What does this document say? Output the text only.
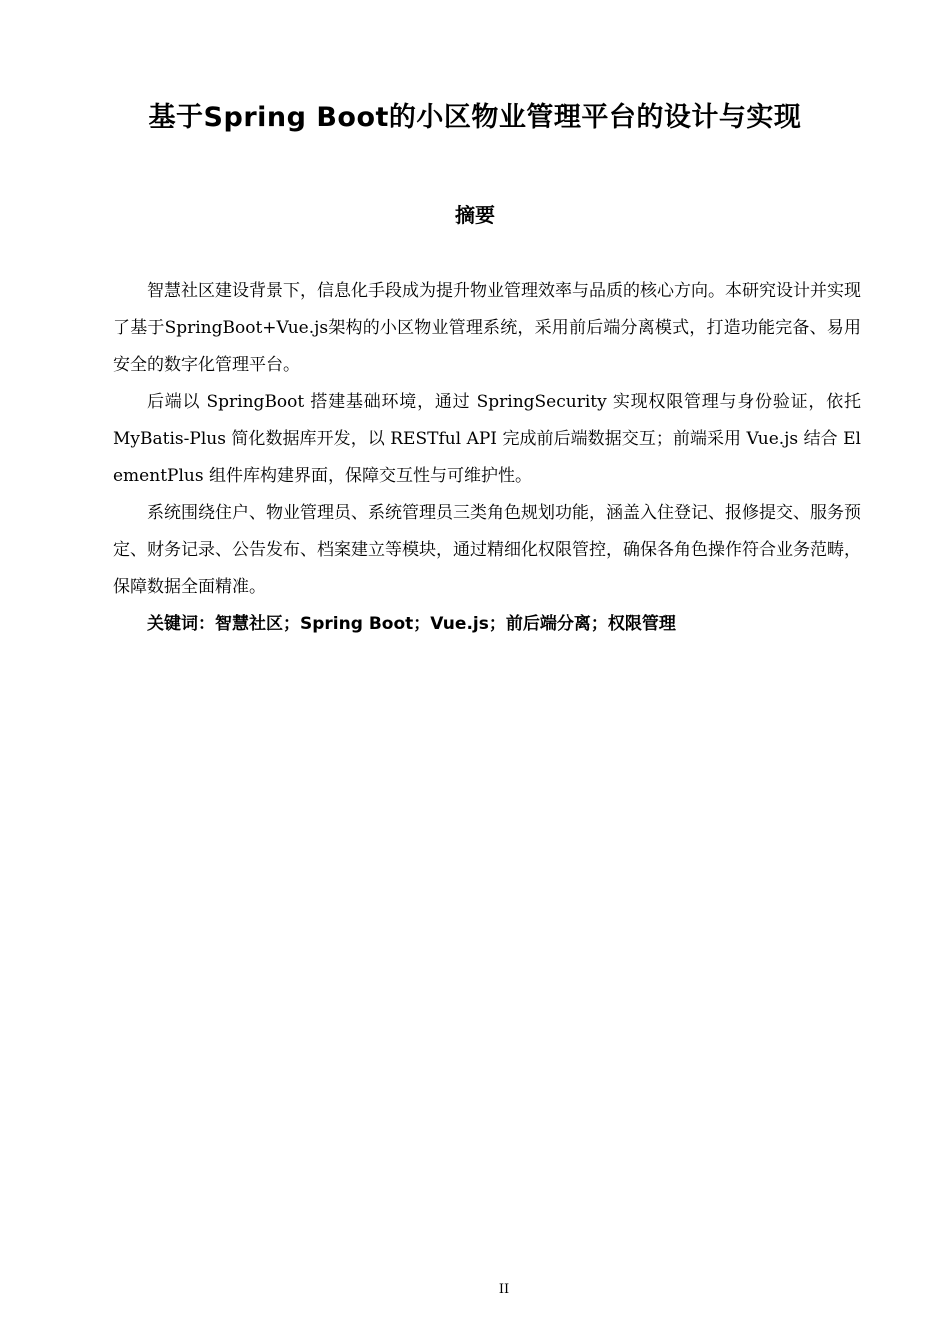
基于Spring Boot的小区物业管理平台的设计与实现
摘要

智慧社区建设背景下，信息化手段成为提升物业管理效率与品质的核心方向。本研究设计并实现了基于SpringBoot+Vue.js架构的小区物业管理系统，采用前后端分离模式，打造功能完备、易用安全的数字化管理平台。

后端以 SpringBoot 搭建基础环境，通过 SpringSecurity 实现权限管理与身份验证，依托 MyBatis-Plus 简化数据库开发，以 RESTful API 完成前后端数据交互；前端采用 Vue.js 结合 ElementPlus 组件库构建界面，保障交互性与可维护性。

系统围绕住户、物业管理员、系统管理员三类角色规划功能，涵盖入住登记、报修提交、服务预定、财务记录、公告发布、档案建立等模块，通过精细化权限管控，确保各角色操作符合业务范畴，保障数据全面精准。

关键词：智慧社区；Spring Boot；Vue.js；前后端分离；权限管理

II
